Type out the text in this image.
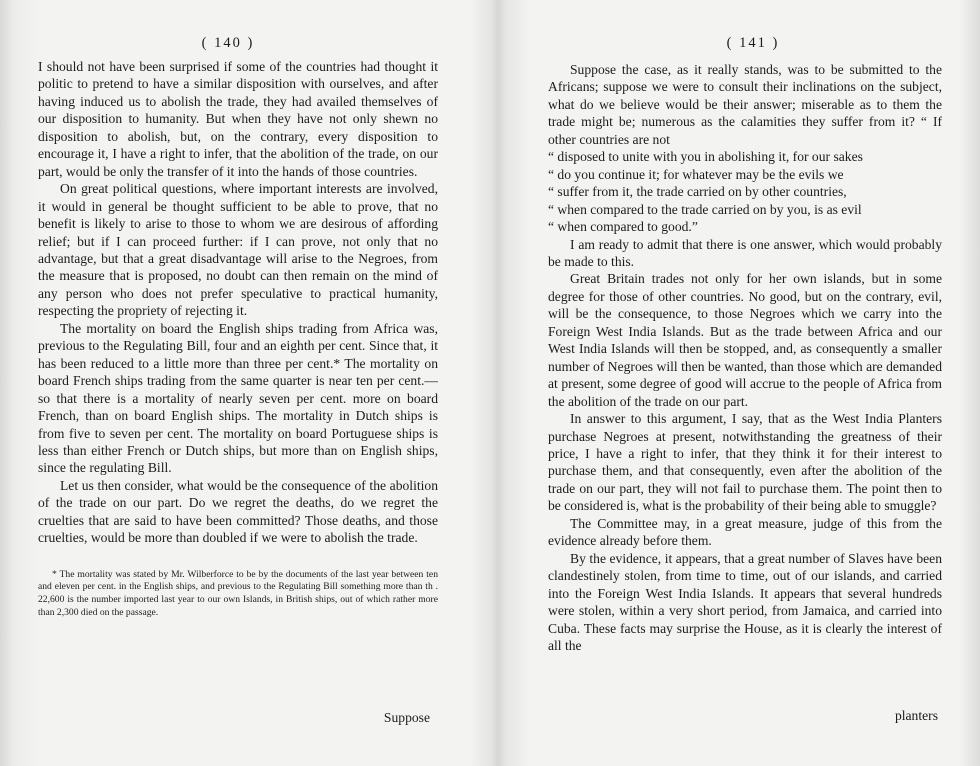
( 140 )

I should not have been surprised if some of the countries had thought it politic to pretend to have a similar disposition with ourselves, and after having induced us to abolish the trade, they had availed themselves of our disposition to humanity. But when they have not only shewn no disposition to abolish, but, on the contrary, every disposition to encourage it, I have a right to infer, that the abolition of the trade, on our part, would be only the transfer of it into the hands of those countries.

On great political questions, where important interests are involved, it would in general be thought sufficient to be able to prove, that no benefit is likely to arise to those to whom we are desirous of affording relief; but if I can proceed further: if I can prove, not only that no advantage, but that a great disadvantage will arise to the Negroes, from the measure that is proposed, no doubt can then remain on the mind of any person who does not prefer speculative to practical humanity, respecting the propriety of rejecting it.

The mortality on board the English ships trading from Africa was, previous to the Regulating Bill, four and an eighth per cent. Since that, it has been reduced to a little more than three per cent.* The mortality on board French ships trading from the same quarter is near ten per cent.—so that there is a mortality of nearly seven per cent. more on board French, than on board English ships. The mortality in Dutch ships is from five to seven per cent. The mortality on board Portuguese ships is less than either French or Dutch ships, but more than on English ships, since the regulating Bill.

Let us then consider, what would be the consequence of the abolition of the trade on our part. Do we regret the deaths, do we regret the cruelties that are said to have been committed? Those deaths, and those cruelties, would be more than doubled if we were to abolish the trade.

* The mortality was stated by Mr. Wilberforce to be by the documents of the last year between ten and eleven per cent. in the English ships, and previous to the Regulating Bill something more than th . 22,600 is the number imported last year to our own Islands, in British ships, out of which rather more than 2,300 died on the passage.

Suppose
( 141 )

Suppose the case, as it really stands, was to be submitted to the Africans; suppose we were to consult their inclinations on the subject, what do we believe would be their answer; miserable as to them the trade might be; numerous as the calamities they suffer from it? “ If other countries are not

“ disposed to unite with you in abolishing it, for our sakes
“ do you continue it; for whatever may be the evils we
“ suffer from it, the trade carried on by other countries,
“ when compared to the trade carried on by you, is as evil
“ when compared to good.”

I am ready to admit that there is one answer, which would probably be made to this.

Great Britain trades not only for her own islands, but in some degree for those of other countries. No good, but on the contrary, evil, will be the consequence, to those Negroes which we carry into the Foreign West India Islands. But as the trade between Africa and our West India Islands will then be stopped, and, as consequently a smaller number of Negroes will then be wanted, than those which are demanded at present, some degree of good will accrue to the people of Africa from the abolition of the trade on our part.

In answer to this argument, I say, that as the West India Planters purchase Negroes at present, notwithstanding the greatness of their price, I have a right to infer, that they think it for their interest to purchase them, and that consequently, even after the abolition of the trade on our part, they will not fail to purchase them. The point then to be considered is, what is the probability of their being able to smuggle?

The Committee may, in a great measure, judge of this from the evidence already before them.

By the evidence, it appears, that a great number of Slaves have been clandestinely stolen, from time to time, out of our islands, and carried into the Foreign West India Islands. It appears that several hundreds were stolen, within a very short period, from Jamaica, and carried into Cuba. These facts may surprise the House, as it is clearly the interest of all the

planters
